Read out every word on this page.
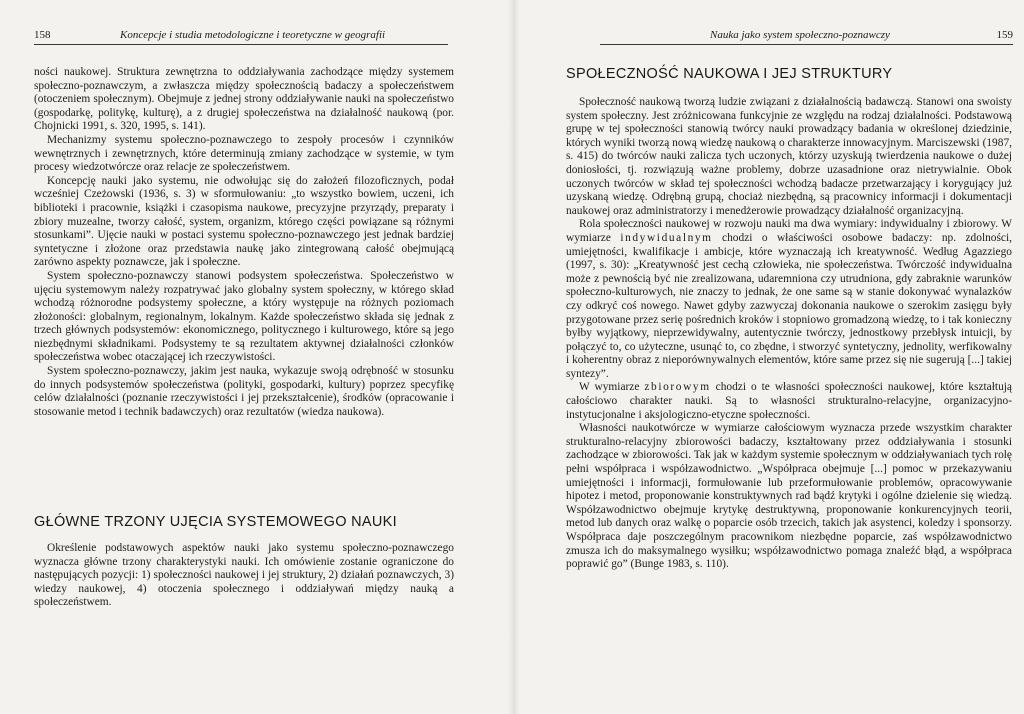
158	Koncepcje i studia metodologiczne i teoretyczne w geografii

ności naukowej. Struktura zewnętrzna to oddziaływania zachodzące między systemem społeczno-poznawczym, a zwłaszcza między społecznością badaczy a społeczeństwem (otoczeniem społecznym). Obejmuje z jednej strony oddziaływanie nauki na społeczeństwo (gospodarkę, politykę, kulturę), a z drugiej społeczeństwa na działalność naukową (por. Chojnicki 1991, s. 320, 1995, s. 141).

Mechanizmy systemu społeczno-poznawczego to zespoły procesów i czynników wewnętrznych i zewnętrznych, które determinują zmiany zachodzące w systemie, w tym procesy wiedzotwórcze oraz relacje ze społeczeństwem.

Koncepcję nauki jako systemu, nie odwołując się do założeń filozoficznych, podał wcześniej Czeżowski (1936, s. 3) w sformułowaniu: „to wszystko bowiem, uczeni, ich biblioteki i pracownie, książki i czasopisma naukowe, precyzyjne przyrządy, preparaty i zbiory muzealne, tworzy całość, system, organizm, którego części powiązane są różnymi stosunkami”. Ujęcie nauki w postaci systemu społeczno-poznawczego jest jednak bardziej syntetyczne i złożone oraz przedstawia naukę jako zintegrowaną całość obejmującą zarówno aspekty poznawcze, jak i społeczne.

System społeczno-poznawczy stanowi podsystem społeczeństwa. Społeczeństwo w ujęciu systemowym należy rozpatrywać jako globalny system społeczny, w którego skład wchodzą różnorodne podsystemy społeczne, a który występuje na różnych poziomach złożoności: globalnym, regionalnym, lokalnym. Każde społeczeństwo składa się jednak z trzech głównych podsystemów: ekonomicznego, politycznego i kulturowego, które są jego niezbędnymi składnikami. Podsystemy te są rezultatem aktywnej działalności członków społeczeństwa wobec otaczającej ich rzeczywistości.

System społeczno-poznawczy, jakim jest nauka, wykazuje swoją odrębność w stosunku do innych podsystemów społeczeństwa (polityki, gospodarki, kultury) poprzez specyfikę celów działalności (poznanie rzeczywistości i jej przekształcenie), środków (opracowanie i stosowanie metod i technik badawczych) oraz rezultatów (wiedza naukowa).

GŁÓWNE TRZONY UJĘCIA SYSTEMOWEGO NAUKI

Określenie podstawowych aspektów nauki jako systemu społeczno-poznawczego wyznacza główne trzony charakterystyki nauki. Ich omówienie zostanie ograniczone do następujących pozycji: 1) społeczności naukowej i jej struktury, 2) działań poznawczych, 3) wiedzy naukowej, 4) otoczenia społecznego i oddziaływań między nauką a społeczeństwem.

Nauka jako system społeczno-poznawczy	159
SPOŁECZNOŚĆ NAUKOWA I JEJ STRUKTURY

Społeczność naukową tworzą ludzie związani z działalnością badawczą. Stanowi ona swoisty system społeczny. Jest zróżnicowana funkcyjnie ze względu na rodzaj działalności. Podstawową grupę w tej społeczności stanowią twórcy nauki prowadzący badania w określonej dziedzinie, których wyniki tworzą nową wiedzę naukową o charakterze innowacyjnym. Marciszewski (1987, s. 415) do twórców nauki zalicza tych uczonych, którzy uzyskują twierdzenia naukowe o dużej doniosłości, tj. rozwiązują ważne problemy, dobrze uzasadnione oraz nietrywialnie. Obok uczonych twórców w skład tej społeczności wchodzą badacze przetwarzający i korygujący już uzyskaną wiedzę. Odrębną grupą, chociaż niezbędną, są pracownicy informacji i dokumentacji naukowej oraz administratorzy i menedżerowie prowadzący działalność organizacyjną.

Rola społeczności naukowej w rozwoju nauki ma dwa wymiary: indywidualny i zbiorowy. W wymiarze indywidualnym chodzi o właściwości osobowe badaczy: np. zdolności, umiejętności, kwalifikacje i ambicje, które wyznaczają ich kreatywność. Według Agazziego (1997, s. 30): „Kreatywność jest cechą człowieka, nie społeczeństwa. Twórczość indywidualna może z pewnością być nie zrealizowana, udaremniona czy utrudniona, gdy zabraknie warunków społeczno-kulturowych, nie znaczy to jednak, że one same są w stanie dokonywać wynalazków czy odkryć coś nowego. Nawet gdyby zazwyczaj dokonania naukowe o szerokim zasięgu były przygotowane przez serię pośrednich kroków i stopniowo gromadzoną wiedzę, to i tak konieczny byłby wyjątkowy, nieprzewidywalny, autentycznie twórczy, jednostkowy przebłysk intuicji, by połączyć to, co użyteczne, usunąć to, co zbędne, i stworzyć syntetyczny, jednolity, werfikowalny i koherentny obraz z nieporównywalnych elementów, które same przez się nie sugerują [...] takiej syntezy”.

W wymiarze zbiorowym chodzi o te własności społeczności naukowej, które kształtują całościowo charakter nauki. Są to własności strukturalno-relacyjne, organizacyjno-instytucjonalne i aksjologiczno-etyczne społeczności.

Własności naukotwórcze w wymiarze całościowym wyznacza przede wszystkim charakter strukturalno-relacyjny zbiorowości badaczy, kształtowany przez oddziaływania i stosunki zachodzące w zbiorowości. Tak jak w każdym systemie społecznym w oddziaływaniach tych rolę pełni współpraca i współzawodnictwo. „Współpraca obejmuje [...] pomoc w przekazywaniu umiejętności i informacji, formułowanie lub przeformułowanie problemów, opracowywanie hipotez i metod, proponowanie konstruktywnych rad bądź krytyki i ogólne dzielenie się wiedzą. Współzawodnictwo obejmuje krytykę destruktywną, proponowanie konkurencyjnych teorii, metod lub danych oraz walkę o poparcie osób trzecich, takich jak asystenci, koledzy i sponsorzy. Współpraca daje poszczególnym pracownikom niezbędne poparcie, zaś współzawodnictwo zmusza ich do maksymalnego wysiłku; współzawodnictwo pomaga znaleźć błąd, a współpraca poprawić go” (Bunge 1983, s. 110).
